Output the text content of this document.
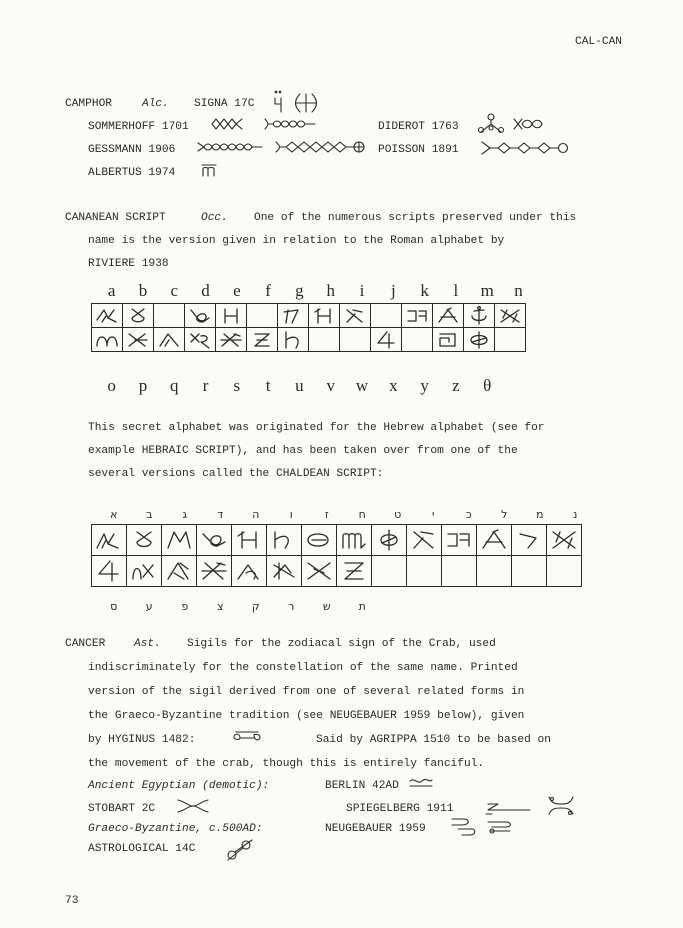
CAL-CAN
CAMPHOR	Alc. SIGNA 17C
SOMMERHOFF 1701	DIDEROT 1763
GESSMANN 1906	POISSON 1891
ALBERTUS 1974
CANANEAN SCRIPT	Occ. One of the numerous scripts preserved under this
name is the version given in relation to the Roman alphabet by
RIVIERE 1938
a	b	c	d	e	f	g	h	i	j	k	l	m	n

o	p	q	r	s	t	u	v	w	x	y	z	θ
This secret alphabet was originated for the Hebrew alphabet (see for
example HEBRAIC SCRIPT), and has been taken over from one of the
several versions called the CHALDEAN SCRIPT:
א	ב	ג	ד	ה	ו	ז	ח	ט	י	כ	ל	מ	נ

ס	ע	פ	צ	ק	ר	ש	ת
CANCER	Ast. Sigils for the zodiacal sign of the Crab, used
indiscriminately for the constellation of the same name. Printed
version of the sigil derived from one of several related forms in
the Graeco-Byzantine tradition (see NEUGEBAUER 1959 below), given
by HYGINUS 1482:	Said by AGRIPPA 1510 to be based on
the movement of the crab, though this is entirely fanciful.
Ancient Egyptian (demotic):	BERLIN 42AD
STOBART 2C	SPIEGELBERG 1911
Graeco-Byzantine, c.500AD:	NEUGEBAUER 1959
ASTROLOGICAL 14C
73
